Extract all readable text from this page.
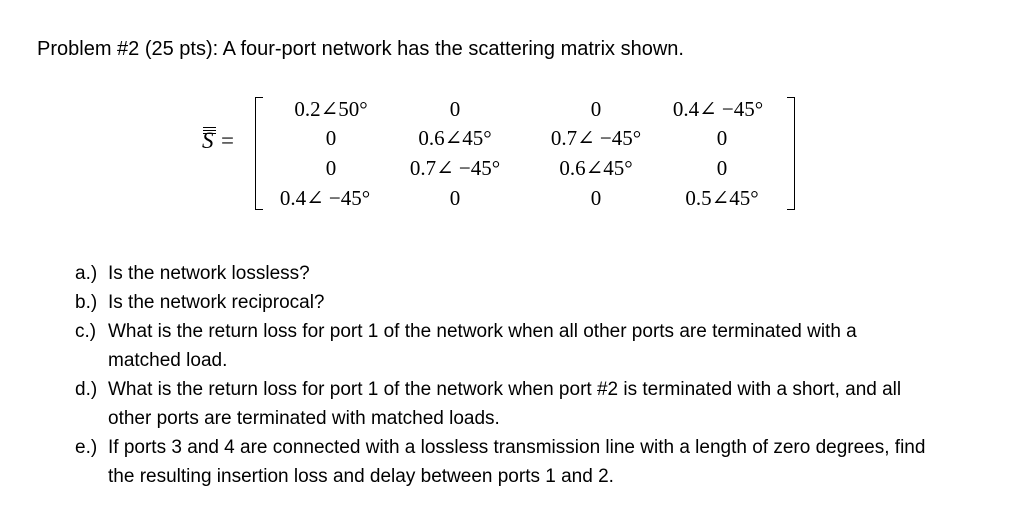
Problem #2 (25 pts): A four-port network has the scattering matrix shown.
S =
0.2∠50°	0	0	0.4∠ −45°
0	0.6∠45°	0.7∠ −45°	0
0	0.7∠ −45°	0.6∠45°	0
0.4∠ −45°	0	0	0.5∠45°
a.) Is the network lossless?
b.) Is the network reciprocal?
c.) What is the return loss for port 1 of the network when all other ports are terminated with a matched load.
d.) What is the return loss for port 1 of the network when port #2 is terminated with a short, and all other ports are terminated with matched loads.
e.) If ports 3 and 4 are connected with a lossless transmission line with a length of zero degrees, find the resulting insertion loss and delay between ports 1 and 2.
